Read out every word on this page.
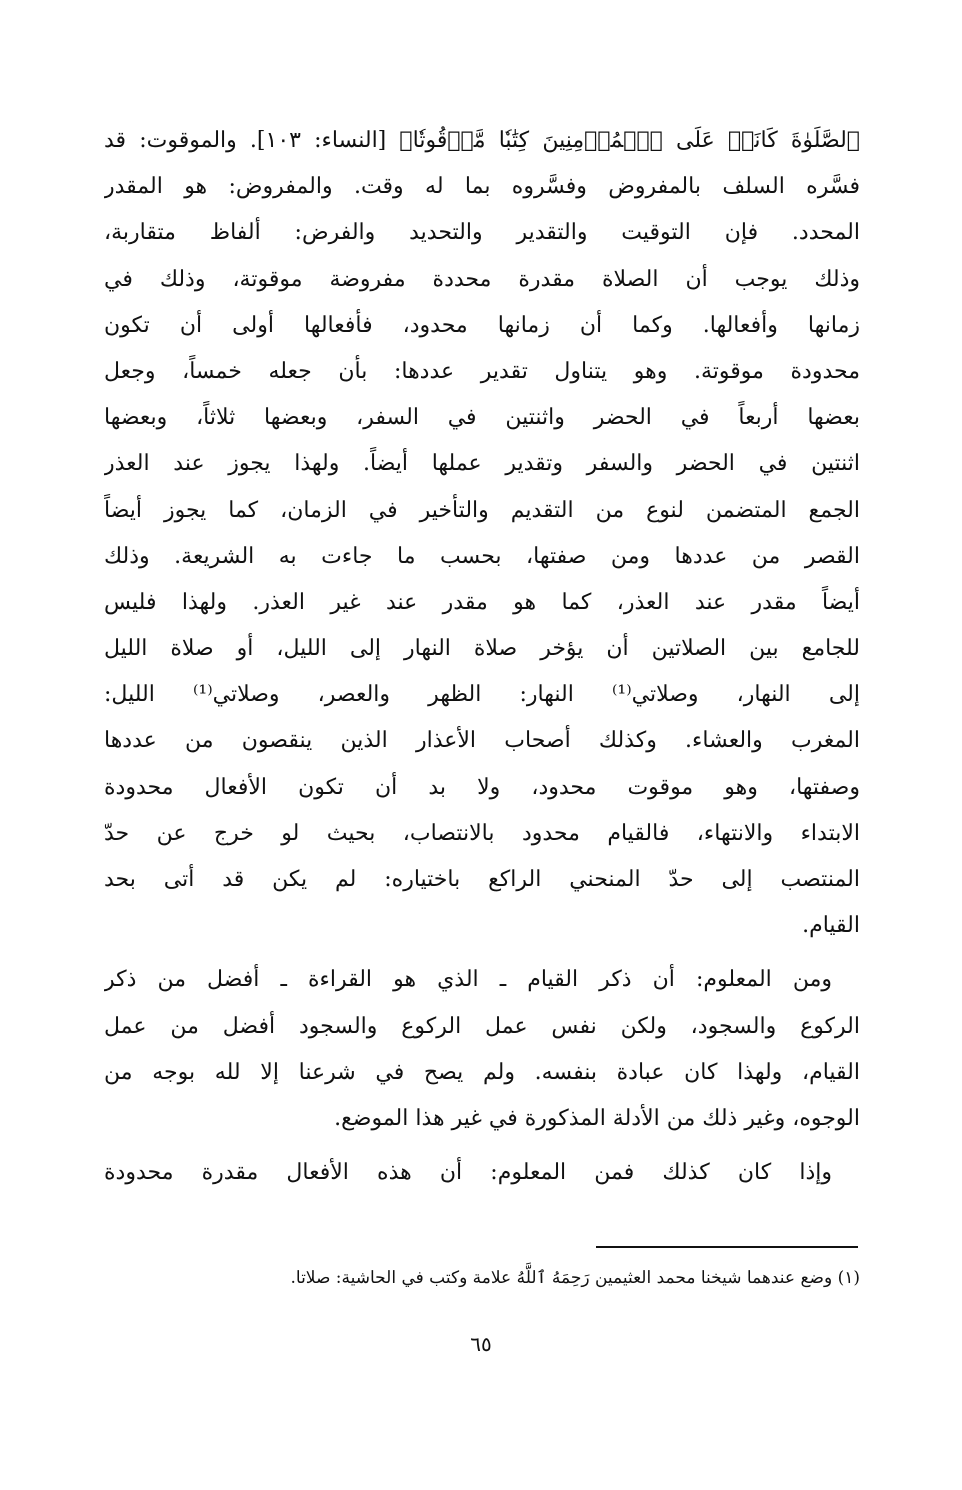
ٱلصَّلَوٰةَ كَانَتۡ عَلَى ٱلۡمُؤۡمِنِينَ كِتَٰبٗا مَّوۡقُوتٗا﴾ [النساء: ١٠٣]. والموقوت: قد
فسَّره السلف بالمفروض وفسَّروه بما له وقت. والمفروض: هو المقدر
المحدد. فإن التوقيت والتقدير والتحديد والفرض: ألفاظ متقاربة،
وذلك يوجب أن الصلاة مقدرة محددة مفروضة موقوتة، وذلك في
زمانها وأفعالها. وكما أن زمانها محدود، فأفعالها أولى أن تكون
محدودة موقوتة. وهو يتناول تقدير عددها: بأن جعله خمساً، وجعل
بعضها أربعاً في الحضر واثنتين في السفر، وبعضها ثلاثاً، وبعضها
اثنتين في الحضر والسفر وتقدير عملها أيضاً. ولهذا يجوز عند العذر
الجمع المتضمن لنوع من التقديم والتأخير في الزمان، كما يجوز أيضاً
القصر من عددها ومن صفتها، بحسب ما جاءت به الشريعة. وذلك
أيضاً مقدر عند العذر، كما هو مقدر عند غير العذر. ولهذا فليس
للجامع بين الصلاتين أن يؤخر صلاة النهار إلى الليل، أو صلاة الليل
إلى النهار، وصلاتي⁽¹⁾ النهار: الظهر والعصر، وصلاتي⁽¹⁾ الليل:
المغرب والعشاء. وكذلك أصحاب الأعذار الذين ينقصون من عددها
وصفتها، وهو موقوت محدود، ولا بد أن تكون الأفعال محدودة
الابتداء والانتهاء، فالقيام محدود بالانتصاب، بحيث لو خرج عن حدّ
المنتصب إلى حدّ المنحني الراكع باختياره: لم يكن قد أتى بحد
القيام.
ومن المعلوم: أن ذكر القيام ـ الذي هو القراءة ـ أفضل من ذكر
الركوع والسجود، ولكن نفس عمل الركوع والسجود أفضل من عمل
القيام، ولهذا كان عبادة بنفسه. ولم يصح في شرعنا إلا لله بوجه من
الوجوه، وغير ذلك من الأدلة المذكورة في غير هذا الموضع.
وإذا كان كذلك فمن المعلوم: أن هذه الأفعال مقدرة محدودة
(١) وضع عندهما شيخنا محمد العثيمين رَحِمَهُ ٱللَّهُ علامة وكتب في الحاشية: صلاتا.
٦٥
